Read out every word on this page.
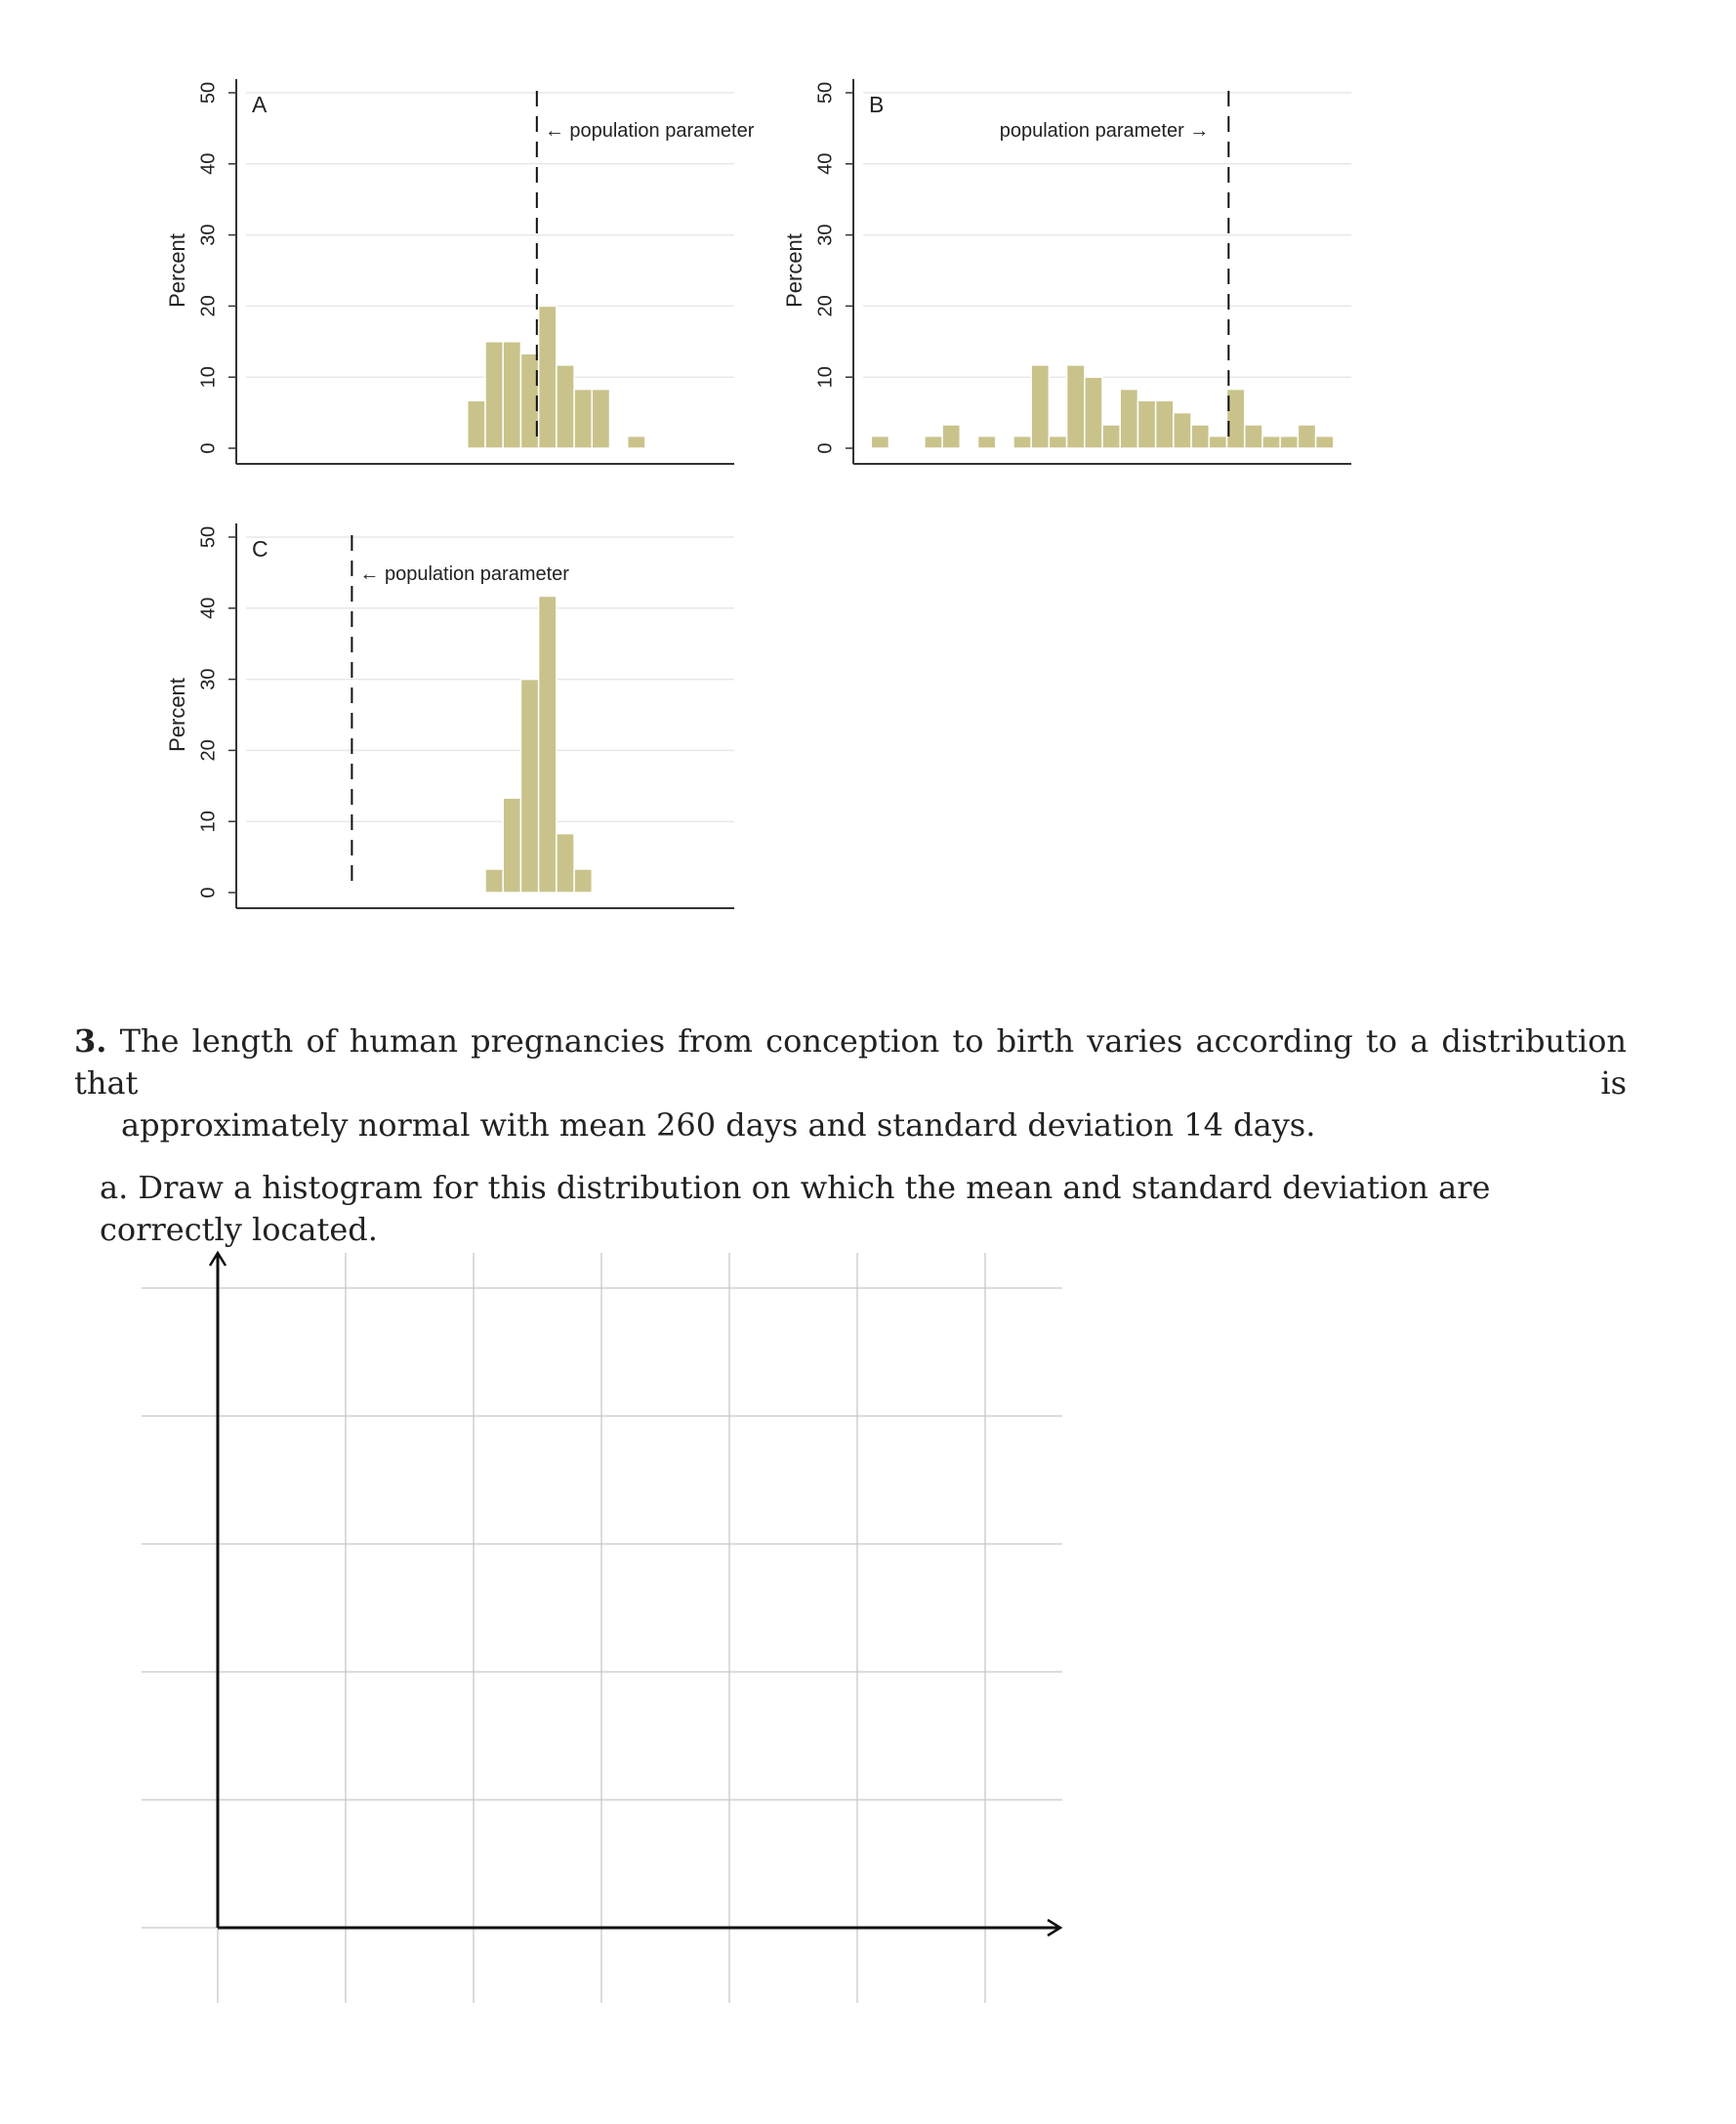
0
10
20
30
40
50
Percent
A
← population parameter
0
10
20
30
40
50
Percent
B
population parameter →
0
10
20
30
40
50
Percent
C
← population parameter
3. The length of human pregnancies from conception to birth varies according to a distribution that is
approximately normal with mean 260 days and standard deviation 14 days.
a. Draw a histogram for this distribution on which the mean and standard deviation are correctly located.
